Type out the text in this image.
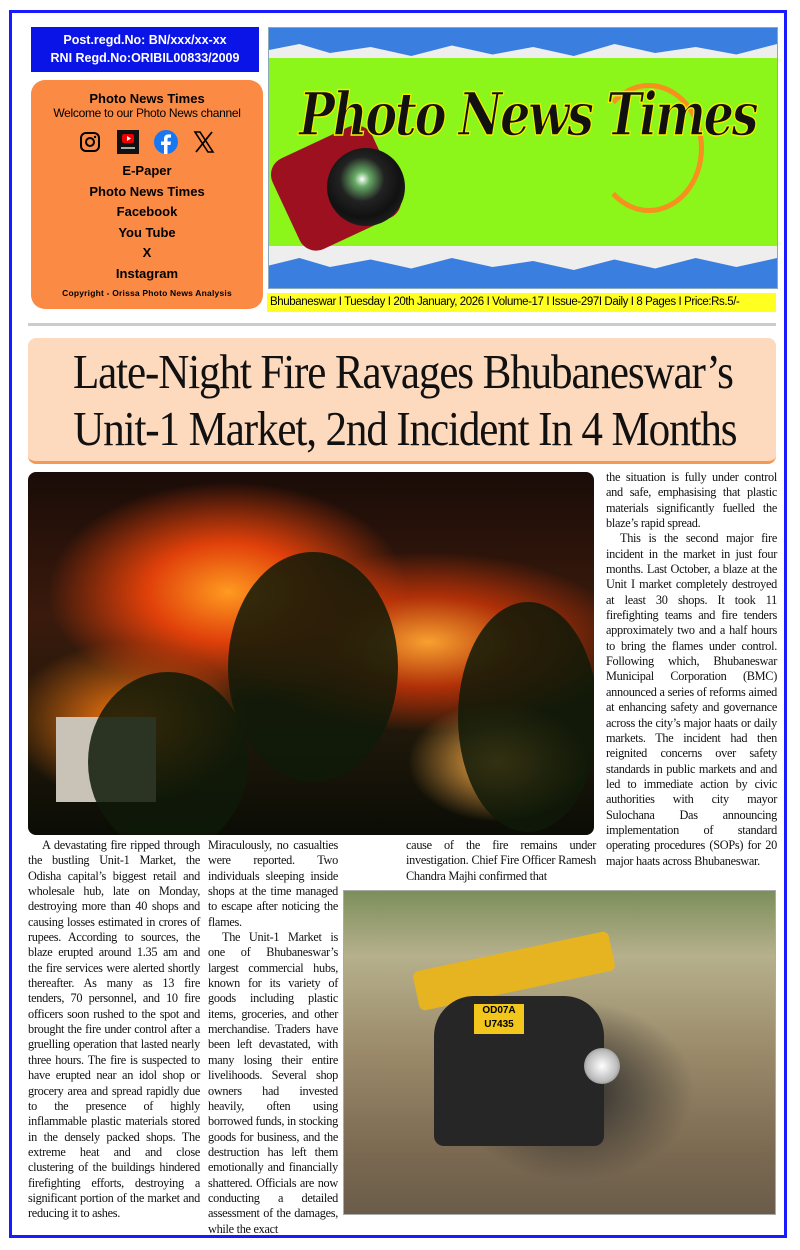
Post.regd.No: BN/xxx/xx-xx
RNI Regd.No:ORIBIL00833/2009
Photo News Times
Welcome to our Photo News channel
E-Paper
Photo News Times
Facebook
You Tube
X
Instagram
Copyright - Orissa Photo News Analysis
Photo News Times
Bhubaneswar I Tuesday I 20th January, 2026 I Volume-17 I Issue-297I Daily I 8 Pages I Price:Rs.5/-
Late-Night Fire Ravages Bhubaneswar’s
Unit-1 Market, 2nd Incident In 4 Months

A devastating fire ripped through the bustling Unit-1 Market, the Odisha capital’s biggest retail and wholesale hub, late on Monday, destroying more than 40 shops and causing losses estimated in crores of rupees. According to sources, the blaze erupted around 1.35 am and the fire services were alerted shortly thereafter. As many as 13 fire tenders, 70 personnel, and 10 fire officers soon rushed to the spot and brought the fire under control after a gruelling operation that lasted nearly three hours. The fire is suspected to have erupted near an idol shop or grocery area and spread rapidly due to the presence of highly inflammable plastic materials stored in the densely packed shops. The extreme heat and and close clustering of the buildings hindered firefighting efforts, destroying a significant portion of the market and reducing it to ashes.

Miraculously, no casualties were reported. Two individuals sleeping inside shops at the time managed to escape after noticing the flames.

The Unit-1 Market is one of Bhubaneswar’s largest commercial hubs, known for its variety of goods including plastic items, groceries, and other merchandise. Traders have been left devastated, with many losing their entire livelihoods. Several shop owners had invested heavily, often using borrowed funds, in stocking goods for business, and the destruction has left them emotionally and financially shattered. Officials are now conducting a detailed assessment of the damages, while the exact

cause of the fire remains under investigation. Chief Fire Officer Ramesh Chandra Majhi confirmed that

the situation is fully under control and safe, emphasising that plastic materials significantly fuelled the blaze’s rapid spread.

This is the second major fire incident in the market in just four months. Last October, a blaze at the Unit I market completely destroyed at least 30 shops. It took 11 firefighting teams and fire tenders approximately two and a half hours to bring the flames under control. Following which, Bhubaneswar Municipal Corporation (BMC) announced a series of reforms aimed at enhancing safety and governance across the city’s major haats or daily markets. The incident had then reignited concerns over safety standards in public markets and and led to immediate action by civic authorities with city mayor Sulochana Das announcing implementation of standard operating procedures (SOPs) for 20 major haats across Bhubaneswar.

OD07A U7435
